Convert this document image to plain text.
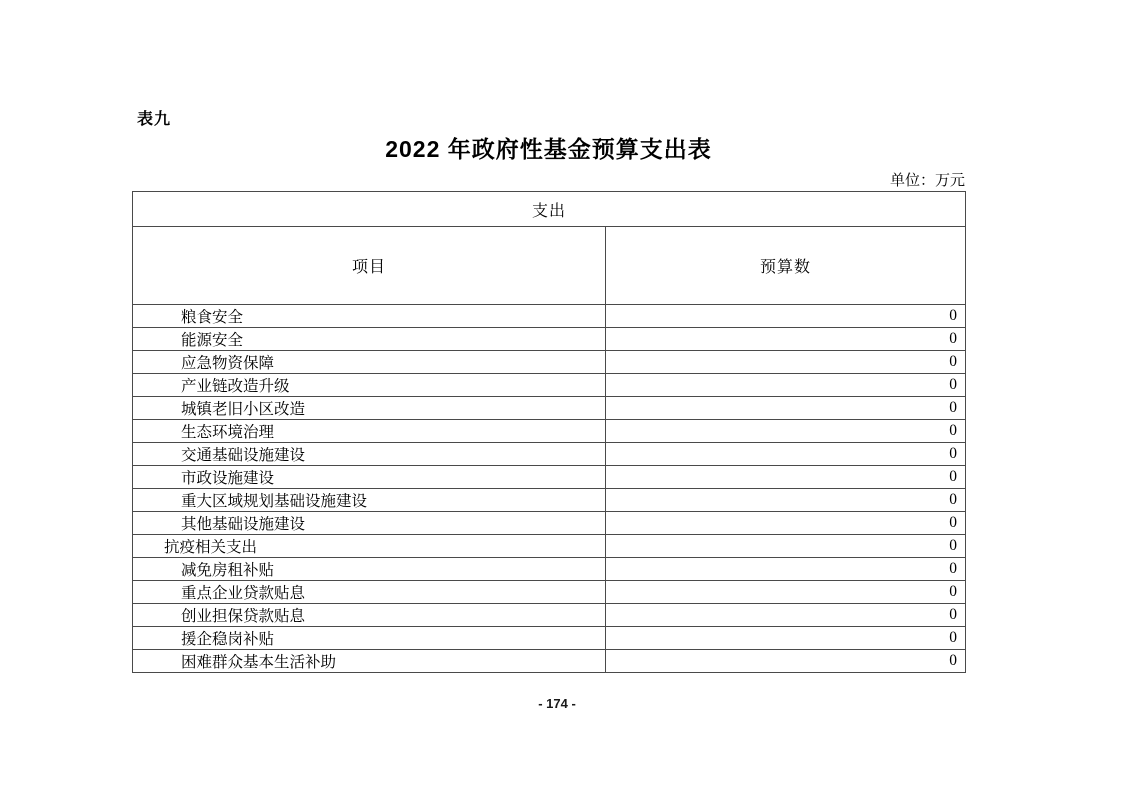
表九
2022 年政府性基金预算支出表
单位：万元
支出	
项目	预算数
粮食安全	0
能源安全	0
应急物资保障	0
产业链改造升级	0
城镇老旧小区改造	0
生态环境治理	0
交通基础设施建设	0
市政设施建设	0
重大区域规划基础设施建设	0
其他基础设施建设	0
抗疫相关支出	0
减免房租补贴	0
重点企业贷款贴息	0
创业担保贷款贴息	0
援企稳岗补贴	0
困难群众基本生活补助	0
- 174 -
